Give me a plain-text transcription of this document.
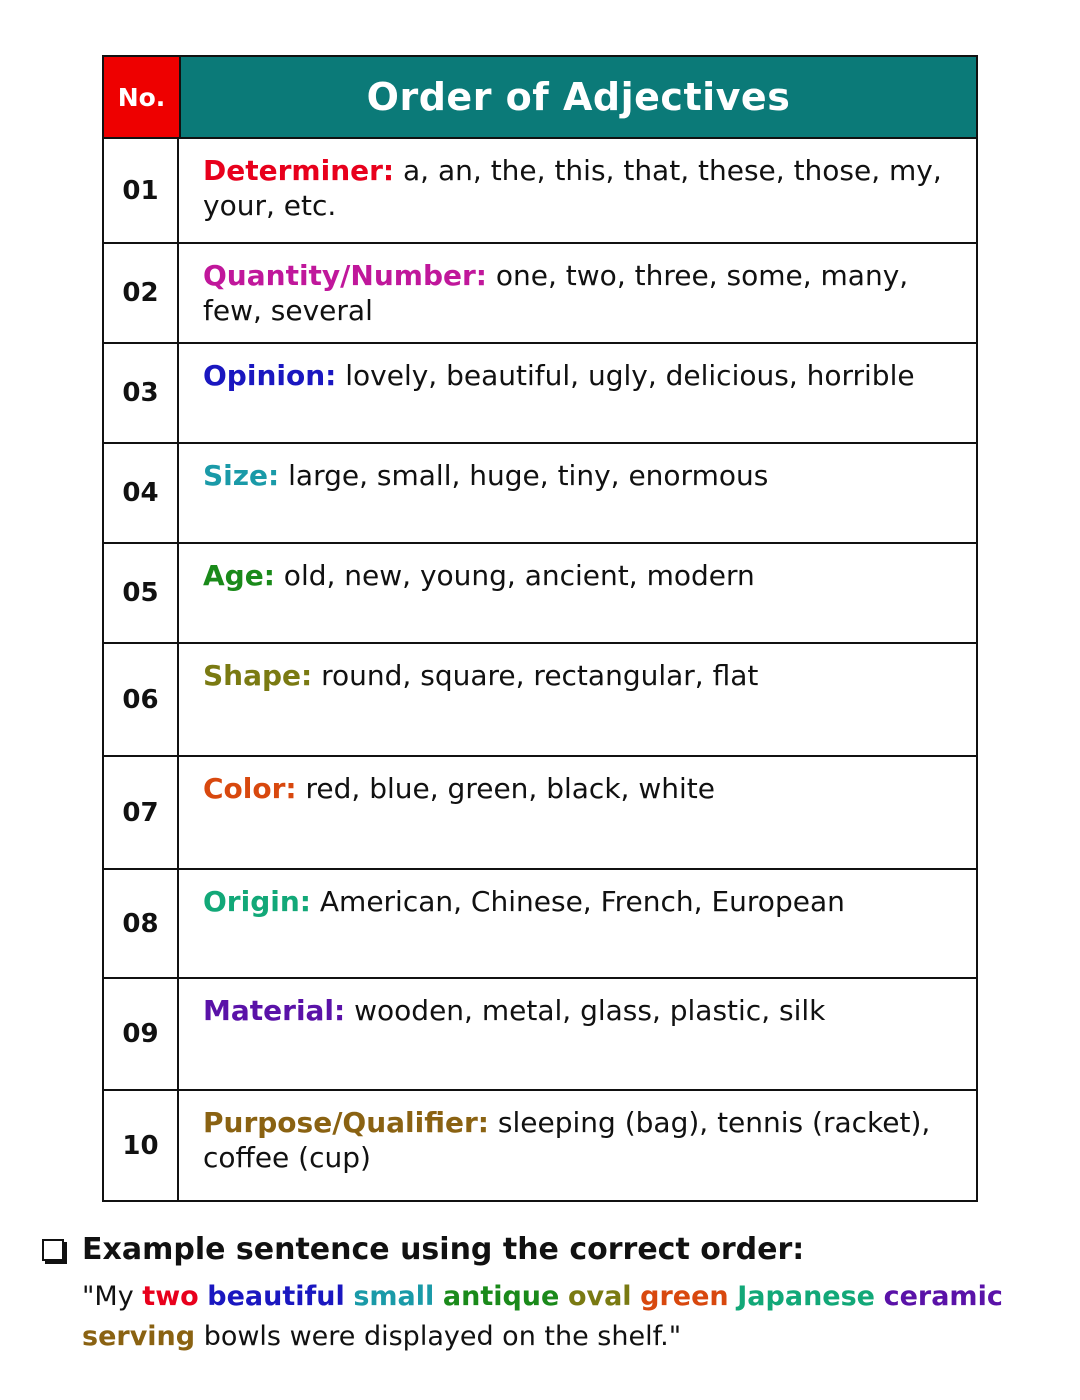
No.	Order of Adjectives
01
Determiner: a, an, the, this, that, these, those, my, your, etc.
02
Quantity/Number: one, two, three, some, many, few, several
03
Opinion: lovely, beautiful, ugly, delicious, horrible
04
Size: large, small, huge, tiny, enormous
05
Age: old, new, young, ancient, modern
06
Shape: round, square, rectangular, flat
07
Color: red, blue, green, black, white
08
Origin: American, Chinese, French, European
09
Material: wooden, metal, glass, plastic, silk
10
Purpose/Qualifier: sleeping (bag), tennis (racket), coffee (cup)
Example sentence using the correct order:
"My two beautiful small antique oval green Japanese ceramic serving bowls were displayed on the shelf."
